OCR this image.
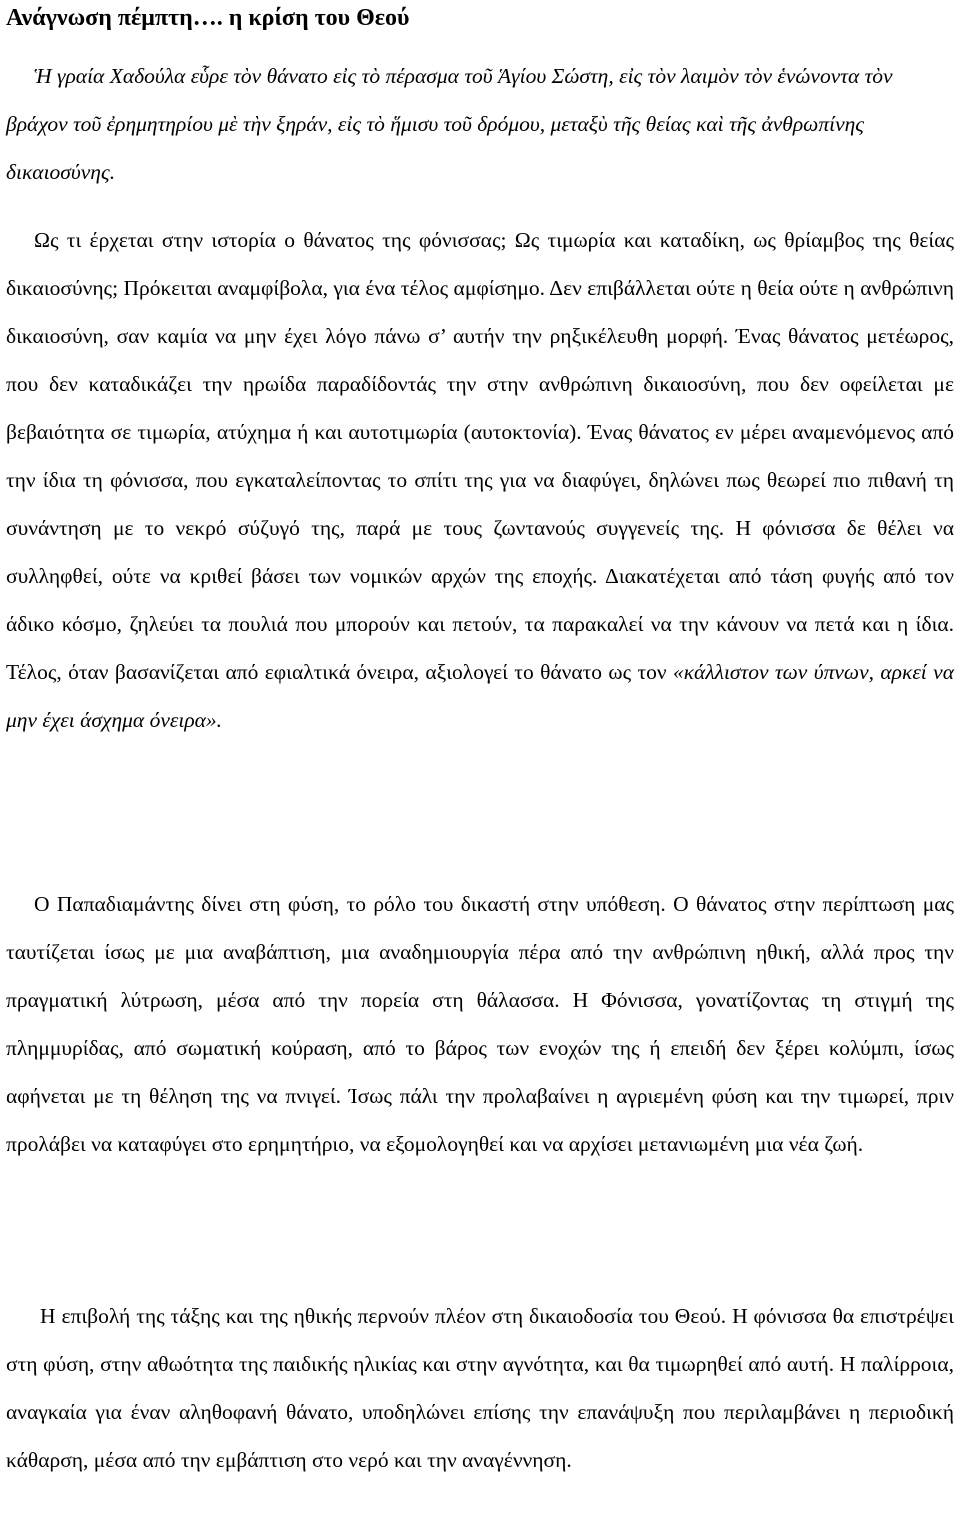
Ανάγνωση πέμπτη…. η κρίση του Θεού

Ἡ γραία Χαδούλα εὗρε τὸν θάνατο εἰς τὸ πέρασμα τοῦ Ἁγίου Σώστη, εἰς τὸν λαιμὸν τὸν ἑνώνοντα τὸν βράχον τοῦ ἐρημητηρίου μὲ τὴν ξηράν, εἰς τὸ ἥμισυ τοῦ δρόμου, μεταξὺ τῆς θείας καὶ τῆς ἀνθρωπίνης δικαιοσύνης.

Ως τι έρχεται στην ιστορία ο θάνατος της φόνισσας; Ως τιμωρία και καταδίκη, ως θρίαμβος της θείας δικαιοσύνης; Πρόκειται αναμφίβολα, για ένα τέλος αμφίσημο. Δεν επιβάλλεται ούτε η θεία ούτε η ανθρώπινη δικαιοσύνη, σαν καμία να μην έχει λόγο πάνω σ’ αυτήν την ρηξικέλευθη μορφή. Ένας θάνατος μετέωρος, που δεν καταδικάζει την ηρωίδα παραδίδοντάς την στην ανθρώπινη δικαιοσύνη, που δεν οφείλεται με βεβαιότητα σε τιμωρία, ατύχημα ή και αυτοτιμωρία (αυτοκτονία). Ένας θάνατος εν μέρει αναμενόμενος από την ίδια τη φόνισσα, που εγκαταλείποντας το σπίτι της για να διαφύγει, δηλώνει πως θεωρεί πιο πιθανή τη συνάντηση με το νεκρό σύζυγό της, παρά με τους ζωντανούς συγγενείς της. Η φόνισσα δε θέλει να συλληφθεί, ούτε να κριθεί βάσει των νομικών αρχών της εποχής. Διακατέχεται από τάση φυγής από τον άδικο κόσμο, ζηλεύει τα πουλιά που μπορούν και πετούν, τα παρακαλεί να την κάνουν να πετά και η ίδια. Τέλος, όταν βασανίζεται από εφιαλτικά όνειρα, αξιολογεί το θάνατο ως τον «κάλλιστον των ύπνων, αρκεί να μην έχει άσχημα όνειρα».

Ο Παπαδιαμάντης δίνει στη φύση, το ρόλο του δικαστή στην υπόθεση. Ο θάνατος στην περίπτωση μας ταυτίζεται ίσως με μια αναβάπτιση, μια αναδημιουργία πέρα από την ανθρώπινη ηθική, αλλά προς την πραγματική λύτρωση, μέσα από την πορεία στη θάλασσα. Η Φόνισσα, γονατίζοντας τη στιγμή της πλημμυρίδας, από σωματική κούραση, από το βάρος των ενοχών της ή επειδή δεν ξέρει κολύμπι, ίσως αφήνεται με τη θέληση της να πνιγεί. Ίσως πάλι την προλαβαίνει η αγριεμένη φύση και την τιμωρεί, πριν προλάβει να καταφύγει στο ερημητήριο, να εξομολογηθεί και να αρχίσει μετανιωμένη μια νέα ζωή.

Η επιβολή της τάξης και της ηθικής περνούν πλέον στη δικαιοδοσία του Θεού. Η φόνισσα θα επιστρέψει στη φύση, στην αθωότητα της παιδικής ηλικίας και στην αγνότητα, και θα τιμωρηθεί από αυτή. Η παλίρροια, αναγκαία για έναν αληθοφανή θάνατο, υποδηλώνει επίσης την επανάψυξη που περιλαμβάνει η περιοδική κάθαρση, μέσα από την εμβάπτιση στο νερό και την αναγέννηση.
